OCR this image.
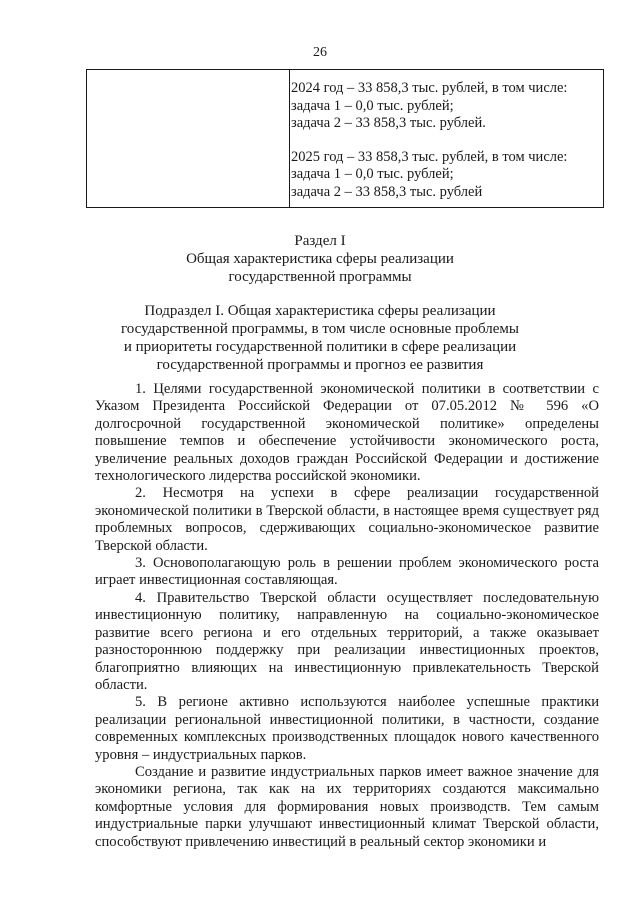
26
2024 год – 33 858,3 тыс. рублей, в том числе:
задача 1 – 0,0 тыс. рублей;
задача 2 – 33 858,3 тыс. рублей.
2025 год – 33 858,3 тыс. рублей, в том числе:
задача 1 – 0,0 тыс. рублей;
задача 2 – 33 858,3 тыс. рублей
Раздел I
Общая характеристика сферы реализации
государственной программы
Подраздел I. Общая характеристика сферы реализации
государственной программы, в том числе основные проблемы
и приоритеты государственной политики в сфере реализации
государственной программы и прогноз ее развития

1. Целями государственной экономической политики в соответствии с Указом Президента Российской Федерации от 07.05.2012 № 596 «О долгосрочной государственной экономической политике» определены повышение темпов и обеспечение устойчивости экономического роста, увеличение реальных доходов граждан Российской Федерации и достижение технологического лидерства российской экономики.

2. Несмотря на успехи в сфере реализации государственной экономической политики в Тверской области, в настоящее время существует ряд проблемных вопросов, сдерживающих социально-экономическое развитие Тверской области.

3. Основополагающую роль в решении проблем экономического роста играет инвестиционная составляющая.

4. Правительство Тверской области осуществляет последовательную инвестиционную политику, направленную на социально-экономическое развитие всего региона и его отдельных территорий, а также оказывает разностороннюю поддержку при реализации инвестиционных проектов, благоприятно влияющих на инвестиционную привлекательность Тверской области.

5. В регионе активно используются наиболее успешные практики реализации региональной инвестиционной политики, в частности, создание современных комплексных производственных площадок нового качественного уровня – индустриальных парков.

Создание и развитие индустриальных парков имеет важное значение для экономики региона, так как на их территориях создаются максимально комфортные условия для формирования новых производств. Тем самым индустриальные парки улучшают инвестиционный климат Тверской области, способствуют привлечению инвестиций в реальный сектор экономики и
